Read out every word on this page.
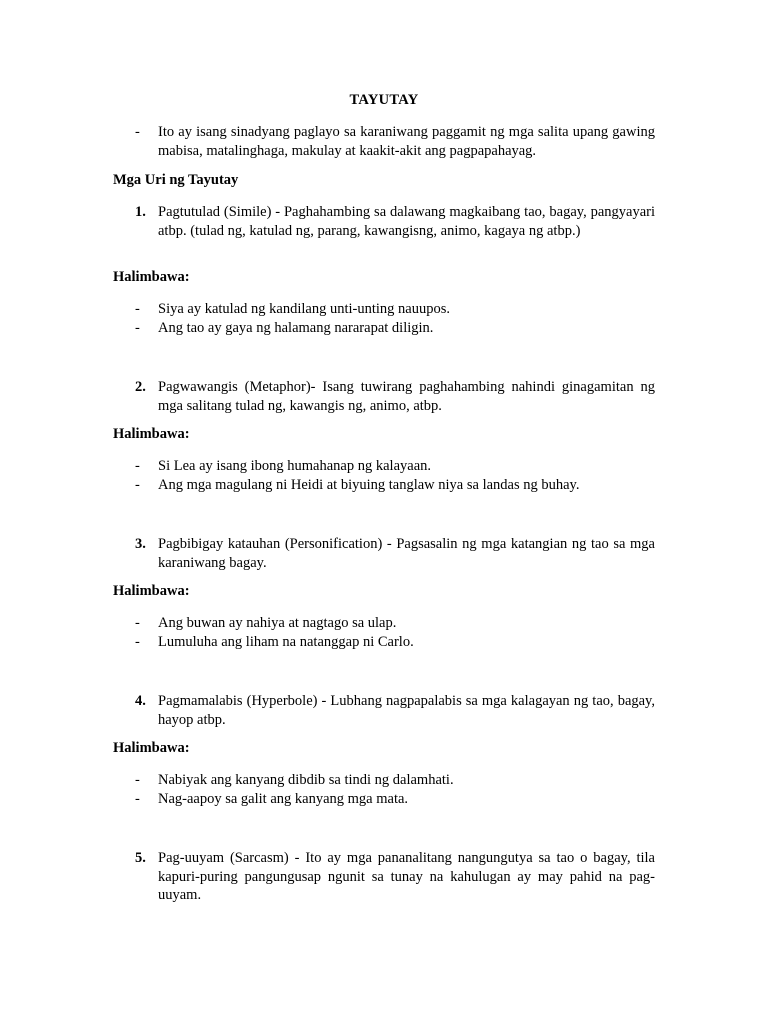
TAYUTAY
-	Ito ay isang sinadyang paglayo sa karaniwang paggamit ng mga salita upang gawing mabisa, matalinghaga, makulay at kaakit-akit ang pagpapahayag.
Mga Uri ng Tayutay
1. Pagtutulad (Simile) - Paghahambing sa dalawang magkaibang tao, bagay, pangyayari atbp. (tulad ng, katulad ng, parang, kawangisng, animo, kagaya ng atbp.)
Halimbawa:
-	Siya ay katulad ng kandilang unti-unting nauupos.
-	Ang tao ay gaya ng halamang nararapat diligin.
2. Pagwawangis (Metaphor)- Isang tuwirang paghahambing nahindi ginagamitan ng mga salitang tulad ng, kawangis ng, animo, atbp.
Halimbawa:
-	Si Lea ay isang ibong humahanap ng kalayaan.
-	Ang mga magulang ni Heidi at biyuing tanglaw niya sa landas ng buhay.
3. Pagbibigay katauhan (Personification) - Pagsasalin ng mga katangian ng tao sa mga karaniwang bagay.
Halimbawa:
-	Ang buwan ay nahiya at nagtago sa ulap.
-	Lumuluha ang liham na natanggap ni Carlo.
4. Pagmamalabis (Hyperbole) - Lubhang nagpapalabis sa mga kalagayan ng tao, bagay, hayop atbp.
Halimbawa:
-	Nabiyak ang kanyang dibdib sa tindi ng dalamhati.
-	Nag-aapoy sa galit ang kanyang mga mata.
5. Pag-uuyam (Sarcasm) - Ito ay mga pananalitang nangungutya sa tao o bagay, tila kapuri-puring pangungusap ngunit sa tunay na kahulugan ay may pahid na pag-uuyam.
